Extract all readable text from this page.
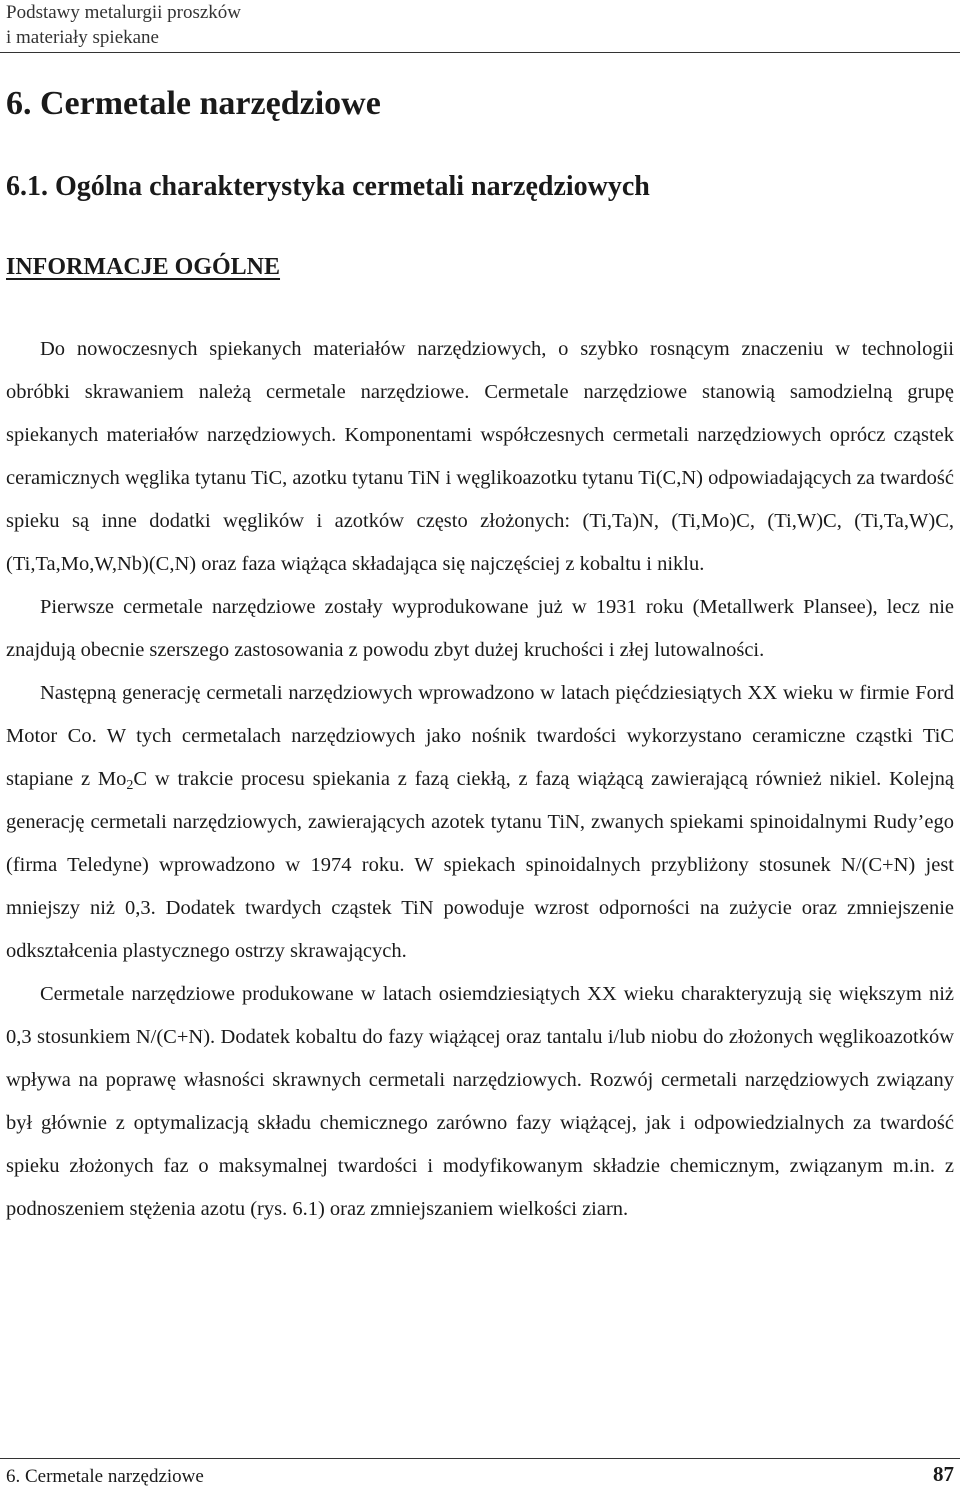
Podstawy metalurgii proszków
i materiały spiekane
6. Cermetale narzędziowe
6.1. Ogólna charakterystyka cermetali narzędziowych
INFORMACJE OGÓLNE

Do nowoczesnych spiekanych materiałów narzędziowych, o szybko rosnącym znaczeniu w technologii obróbki skrawaniem należą cermetale narzędziowe. Cermetale narzędziowe stanowią samodzielną grupę spiekanych materiałów narzędziowych. Komponentami współczesnych cermetali narzędziowych oprócz cząstek ceramicznych węglika tytanu TiC, azotku tytanu TiN i węglikoazotku tytanu Ti(C,N) odpowiadających za twardość spieku są inne dodatki węglików i azotków często złożonych: (Ti,Ta)N, (Ti,Mo)C, (Ti,W)C, (Ti,Ta,W)C, (Ti,Ta,Mo,W,Nb)(C,N) oraz faza wiążąca składająca się najczęściej z kobaltu i niklu.

Pierwsze cermetale narzędziowe zostały wyprodukowane już w 1931 roku (Metallwerk Plansee), lecz nie znajdują obecnie szerszego zastosowania z powodu zbyt dużej kruchości i złej lutowalności.

Następną generację cermetali narzędziowych wprowadzono w latach pięćdziesiątych XX wieku w firmie Ford Motor Co. W tych cermetalach narzędziowych jako nośnik twardości wykorzystano ceramiczne cząstki TiC stapiane z $Mo_2C$ w trakcie procesu spiekania z fazą ciekłą, z fazą wiążącą zawierającą również nikiel. Kolejną generację cermetali narzędziowych, zawierających azotek tytanu TiN, zwanych spiekami spinoidalnymi Rudy’ego (firma Teledyne) wprowadzono w 1974 roku. W spiekach spinoidalnych przybliżony stosunek N/(C+N) jest mniejszy niż 0,3. Dodatek twardych cząstek TiN powoduje wzrost odporności na zużycie oraz zmniejszenie odkształcenia plastycznego ostrzy skrawających.

Cermetale narzędziowe produkowane w latach osiemdziesiątych XX wieku charakteryzują się większym niż 0,3 stosunkiem N/(C+N). Dodatek kobaltu do fazy wiążącej oraz tantalu i/lub niobu do złożonych węglikoazotków wpływa na poprawę własności skrawnych cermetali narzędziowych. Rozwój cermetali narzędziowych związany był głównie z optymalizacją składu chemicznego zarówno fazy wiążącej, jak i odpowiedzialnych za twardość spieku złożonych faz o maksymalnej twardości i modyfikowanym składzie chemicznym, związanym m.in. z podnoszeniem stężenia azotu (rys. 6.1) oraz zmniejszaniem wielkości ziarn.

6. Cermetale narzędziowe	87
